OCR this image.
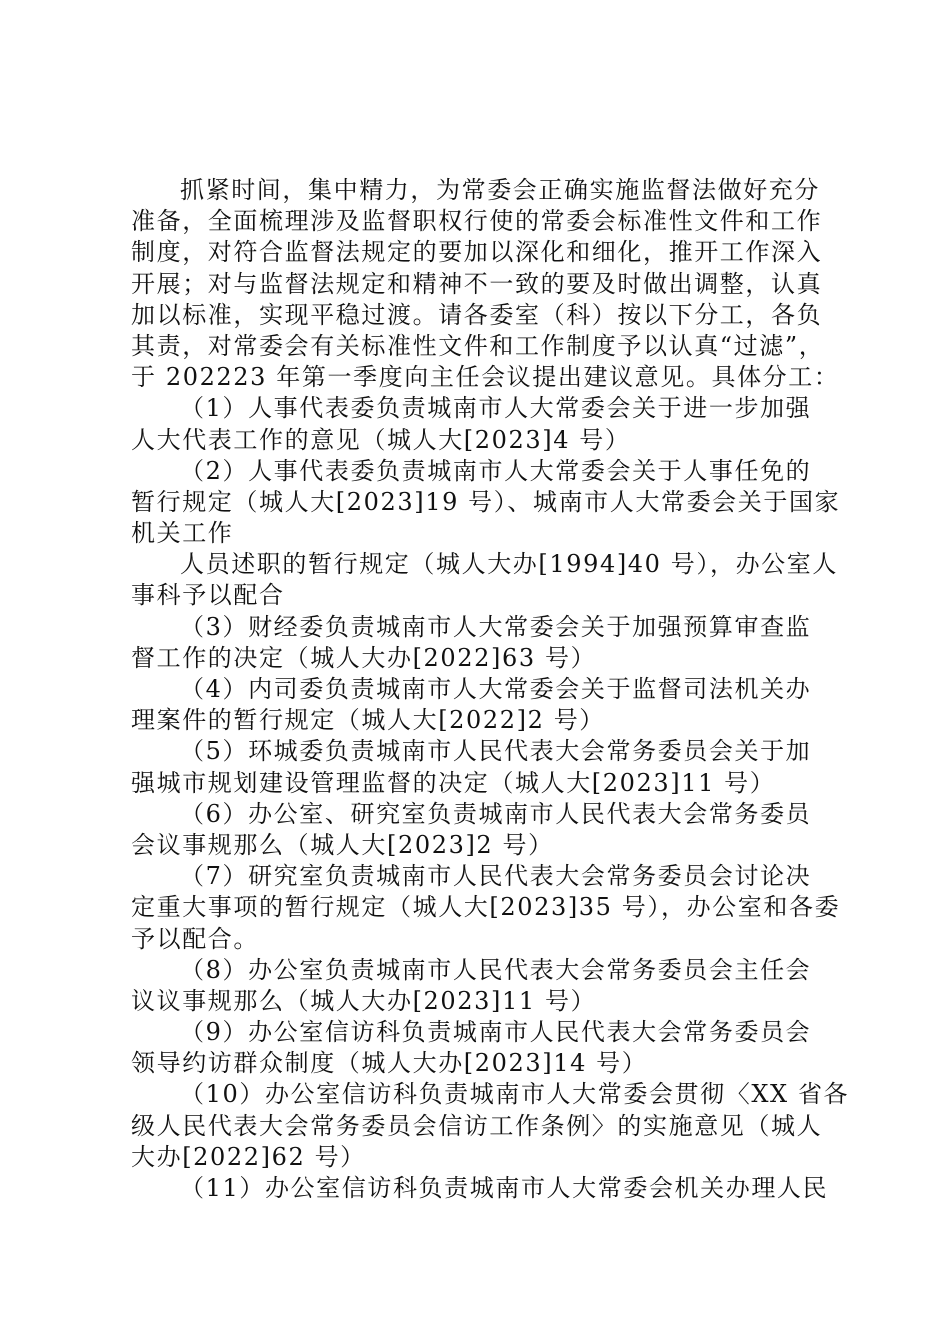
抓紧时间，集中精力，为常委会正确实施监督法做好充分
准备，全面梳理涉及监督职权行使的常委会标准性文件和工作
制度，对符合监督法规定的要加以深化和细化，推开工作深入
开展；对与监督法规定和精神不一致的要及时做出调整，认真
加以标准，实现平稳过渡。请各委室（科）按以下分工，各负
其责，对常委会有关标准性文件和工作制度予以认真“过滤”，
于 202223 年第一季度向主任会议提出建议意见。具体分工：
（1）人事代表委负责城南市人大常委会关于进一步加强
人大代表工作的意见（城人大[2023]4 号）
（2）人事代表委负责城南市人大常委会关于人事任免的
暂行规定（城人大[2023]19 号）、城南市人大常委会关于国家
机关工作
人员述职的暂行规定（城人大办[1994]40 号），办公室人
事科予以配合
（3）财经委负责城南市人大常委会关于加强预算审查监
督工作的决定（城人大办[2022]63 号）
（4）内司委负责城南市人大常委会关于监督司法机关办
理案件的暂行规定（城人大[2022]2 号）
（5）环城委负责城南市人民代表大会常务委员会关于加
强城市规划建设管理监督的决定（城人大[2023]11 号）
（6）办公室、研究室负责城南市人民代表大会常务委员
会议事规那么（城人大[2023]2 号）
（7）研究室负责城南市人民代表大会常务委员会讨论决
定重大事项的暂行规定（城人大[2023]35 号），办公室和各委
予以配合。
（8）办公室负责城南市人民代表大会常务委员会主任会
议议事规那么（城人大办[2023]11 号）
（9）办公室信访科负责城南市人民代表大会常务委员会
领导约访群众制度（城人大办[2023]14 号）
（10）办公室信访科负责城南市人大常委会贯彻〈XX 省各
级人民代表大会常务委员会信访工作条例〉的实施意见（城人
大办[2022]62 号）
（11）办公室信访科负责城南市人大常委会机关办理人民
